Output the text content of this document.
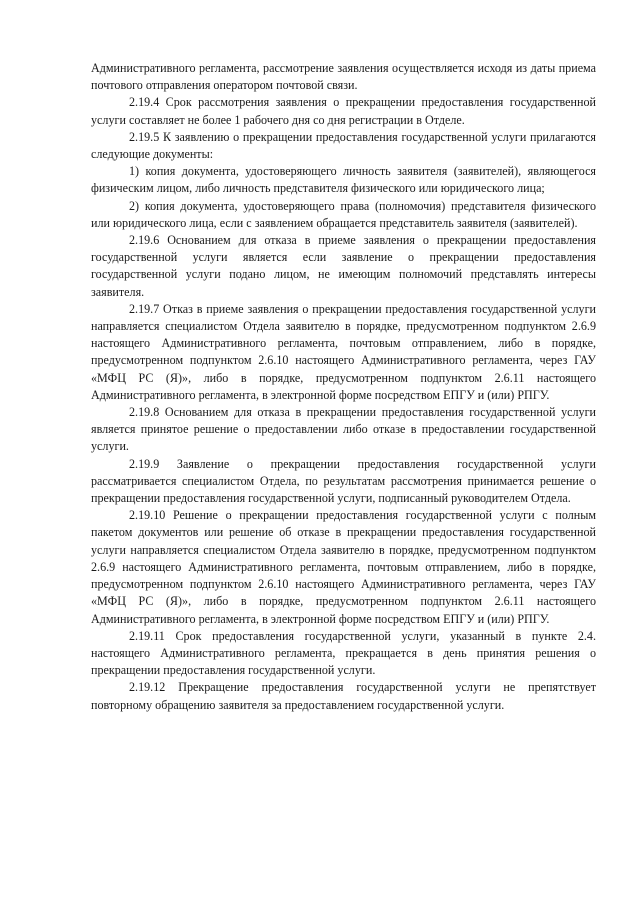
Административного регламента, рассмотрение заявления осуществляется исходя из даты приема почтового отправления оператором почтовой связи.

2.19.4 Срок рассмотрения заявления о прекращении предоставления государственной услуги составляет не более 1 рабочего дня со дня регистрации в Отделе.

2.19.5 К заявлению о прекращении предоставления государственной услуги прилагаются следующие документы:

1) копия документа, удостоверяющего личность заявителя (заявителей), являющегося физическим лицом, либо личность представителя физического или юридического лица;

2) копия документа, удостоверяющего права (полномочия) представителя физического или юридического лица, если с заявлением обращается представитель заявителя (заявителей).

2.19.6 Основанием для отказа в приеме заявления о прекращении предоставления государственной услуги является если заявление о прекращении предоставления государственной услуги подано лицом, не имеющим полномочий представлять интересы заявителя.

2.19.7 Отказ в приеме заявления о прекращении предоставления государственной услуги направляется специалистом Отдела заявителю в порядке, предусмотренном подпунктом 2.6.9 настоящего Административного регламента, почтовым отправлением, либо в порядке, предусмотренном подпунктом 2.6.10 настоящего Административного регламента, через ГАУ «МФЦ РС (Я)», либо в порядке, предусмотренном подпунктом 2.6.11 настоящего Административного регламента, в электронной форме посредством ЕПГУ и (или) РПГУ.

2.19.8 Основанием для отказа в прекращении предоставления государственной услуги является принятое решение о предоставлении либо отказе в предоставлении государственной услуги.

2.19.9 Заявление о прекращении предоставления государственной услуги рассматривается специалистом Отдела, по результатам рассмотрения принимается решение о прекращении предоставления государственной услуги, подписанный руководителем Отдела.

2.19.10 Решение о прекращении предоставления государственной услуги с полным пакетом документов или решение об отказе в прекращении предоставления государственной услуги направляется специалистом Отдела заявителю в порядке, предусмотренном подпунктом 2.6.9 настоящего Административного регламента, почтовым отправлением, либо в порядке, предусмотренном подпунктом 2.6.10 настоящего Административного регламента, через ГАУ «МФЦ РС (Я)», либо в порядке, предусмотренном подпунктом 2.6.11 настоящего Административного регламента, в электронной форме посредством ЕПГУ и (или) РПГУ.

2.19.11 Срок предоставления государственной услуги, указанный в пункте 2.4. настоящего Административного регламента, прекращается в день принятия решения о прекращении предоставления государственной услуги.

2.19.12 Прекращение предоставления государственной услуги не препятствует повторному обращению заявителя за предоставлением государственной услуги.
